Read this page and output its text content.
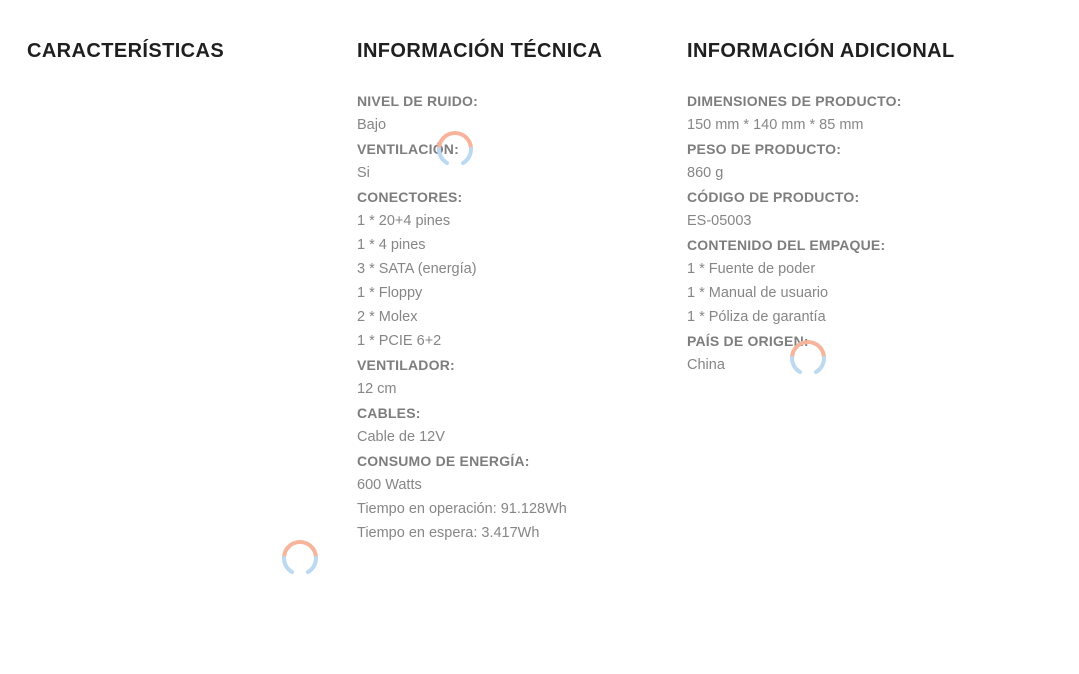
CARACTERÍSTICAS	INFORMACIÓN TÉCNICA
NIVEL DE RUIDO:
Bajo
VENTILACIÓN:
Si
CONECTORES:
1 * 20+4 pines
1 * 4 pines
3 * SATA (energía)
1 * Floppy
2 * Molex
1 * PCIE 6+2
VENTILADOR:
12 cm
CABLES:
Cable de 12V
CONSUMO DE ENERGÍA:
600 Watts
Tiempo en operación: 91.128Wh
Tiempo en espera: 3.417Wh
INFORMACIÓN ADICIONAL
DIMENSIONES DE PRODUCTO:
150 mm * 140 mm * 85 mm
PESO DE PRODUCTO:
860 g
CÓDIGO DE PRODUCTO:
ES-05003
CONTENIDO DEL EMPAQUE:
1 * Fuente de poder
1 * Manual de usuario
1 * Póliza de garantía
PAÍS DE ORIGEN:
China
